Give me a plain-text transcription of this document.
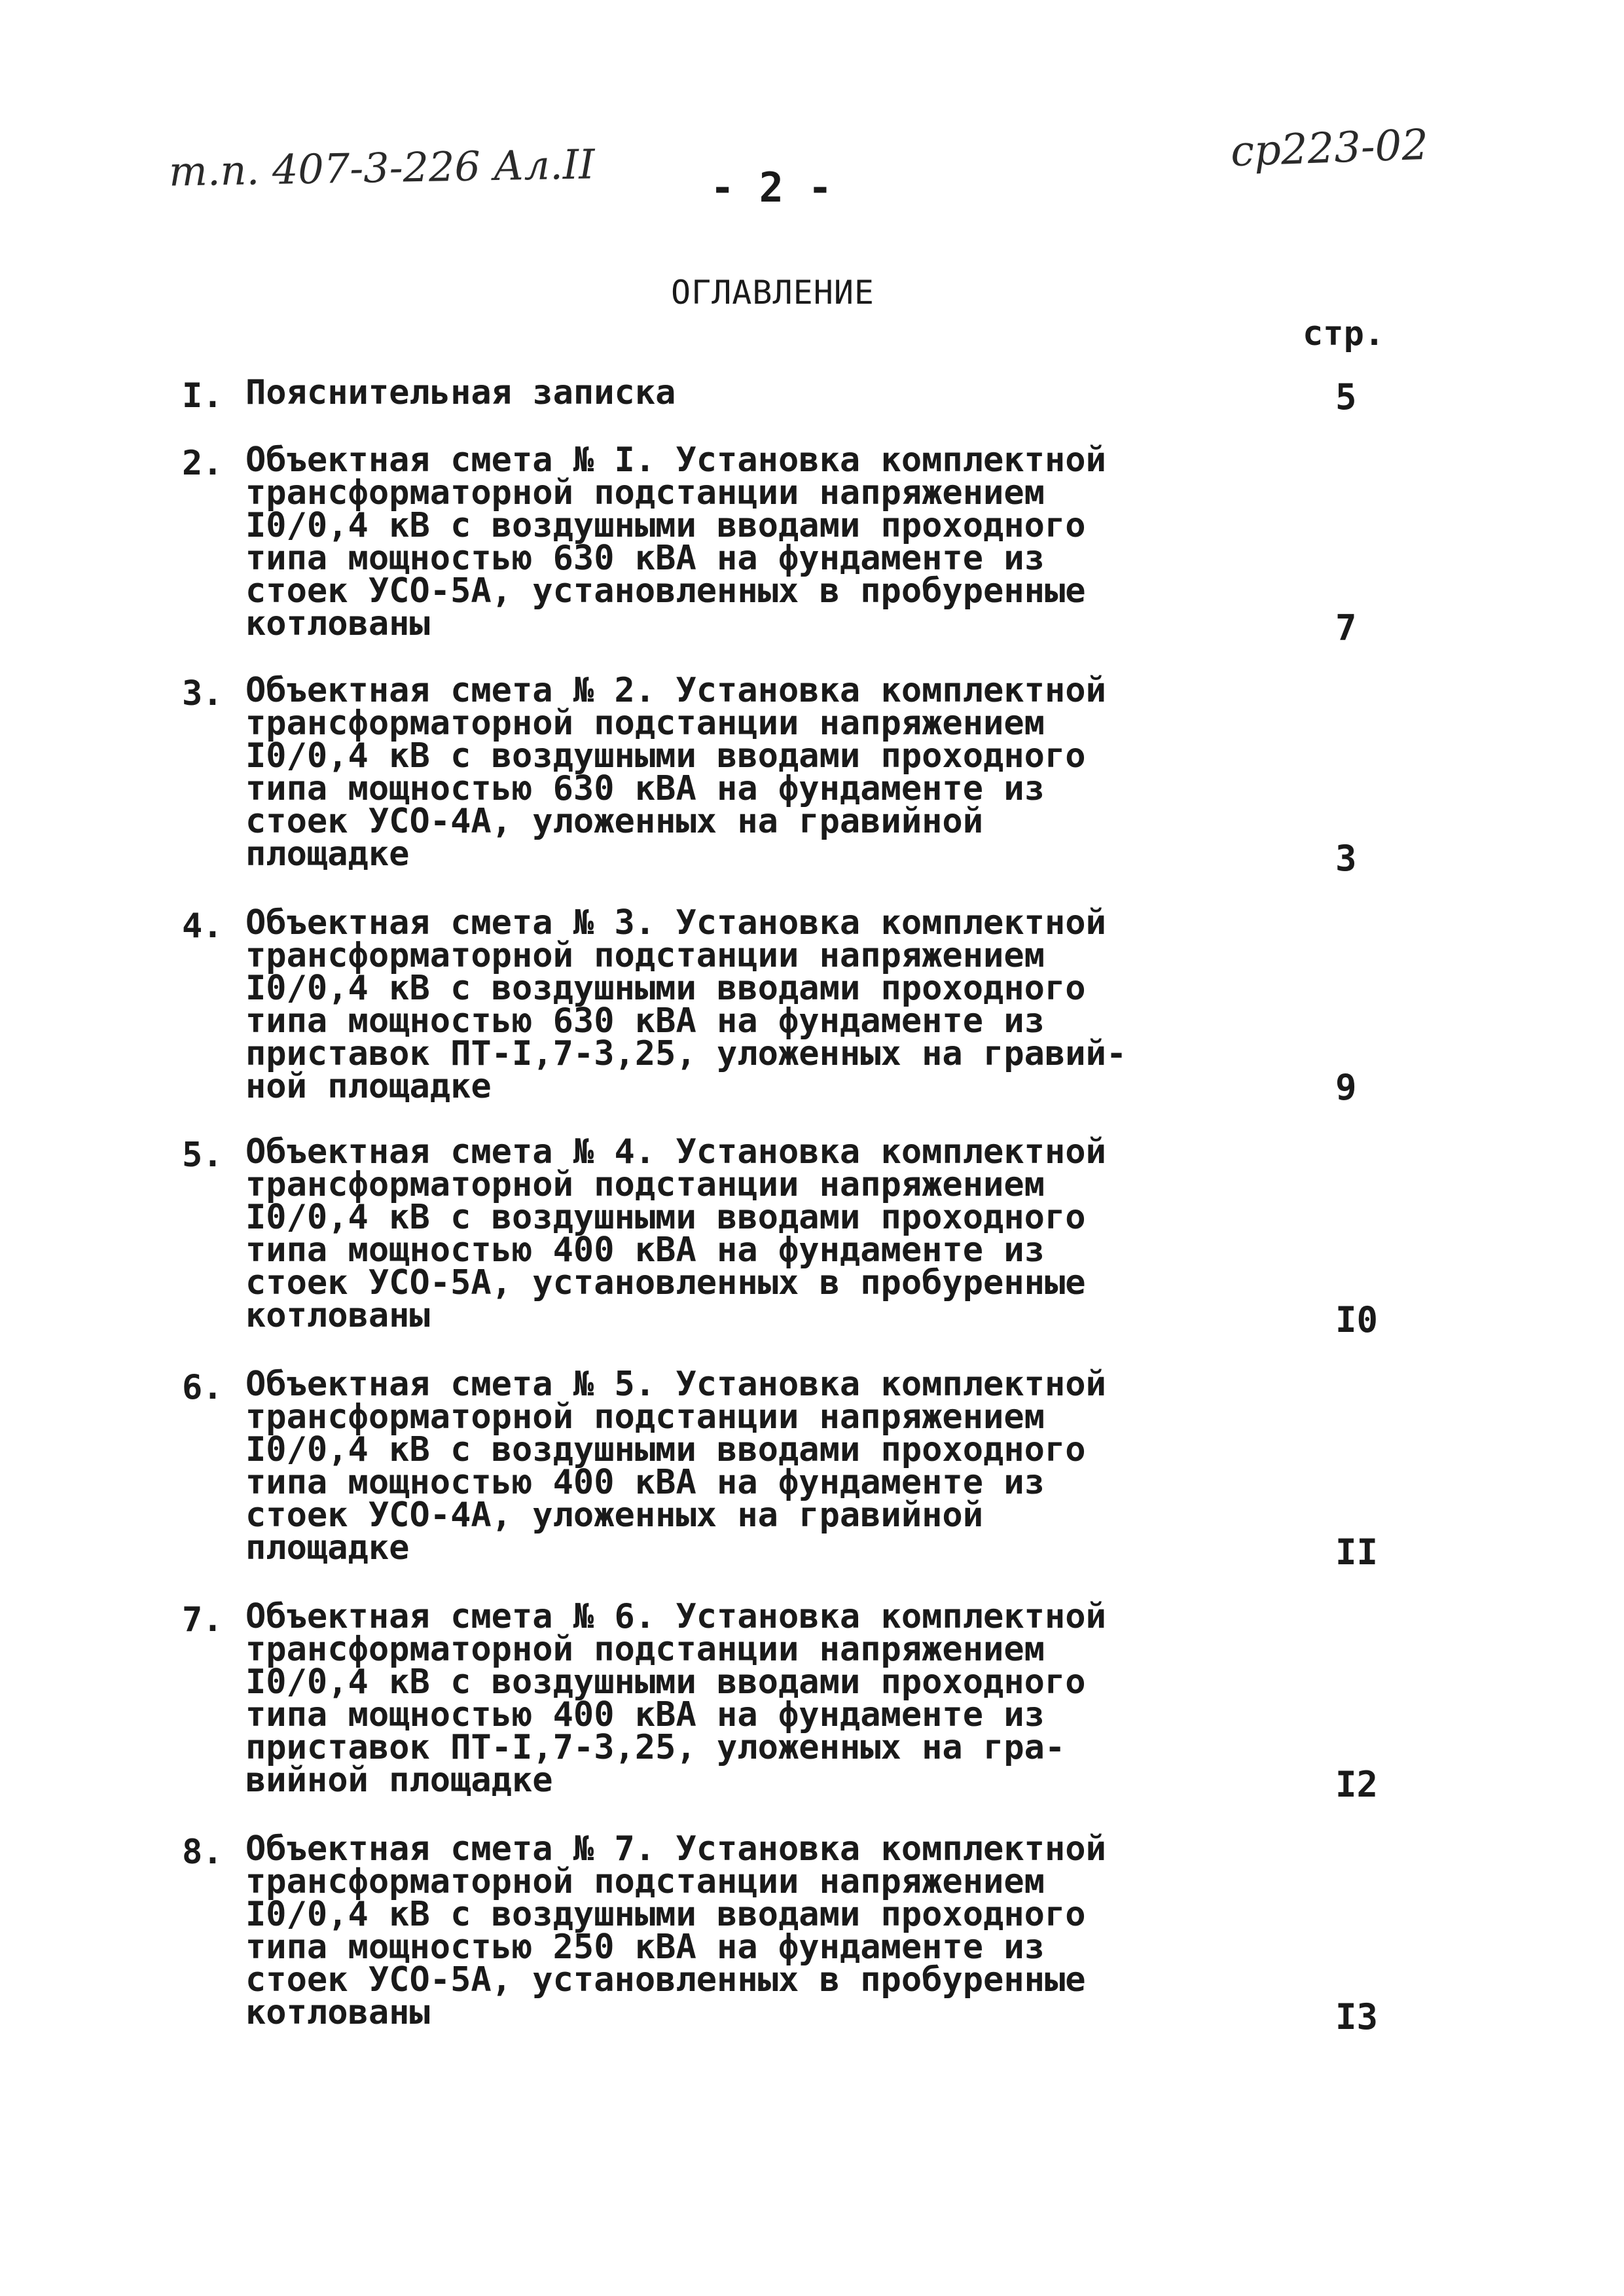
т.п. 407-3-226 Ал.II	- 2 -
ср223-02
ОГЛАВЛЕНИЕ
стр.
I. Пояснительная записка	5
2. Объектная смета № I. Установка комплектной
трансформаторной подстанции напряжением
I0/0,4 кВ с воздушными вводами проходного
типа мощностью 630 кВА на фундаменте из
стоек УСО-5А, установленных в пробуренные
котлованы	7
3. Объектная смета № 2. Установка комплектной
трансформаторной подстанции напряжением
I0/0,4 кВ с воздушными вводами проходного
типа мощностью 630 кВА на фундаменте из
стоек УСО-4А, уложенных на гравийной
площадке	3
4. Объектная смета № 3. Установка комплектной
трансформаторной подстанции напряжением
I0/0,4 кВ с воздушными вводами проходного
типа мощностью 630 кВА на фундаменте из
приставок ПТ-I,7-3,25, уложенных на гравий-
ной площадке	9
5. Объектная смета № 4. Установка комплектной
трансформаторной подстанции напряжением
I0/0,4 кВ с воздушными вводами проходного
типа мощностью 400 кВА на фундаменте из
стоек УСО-5А, установленных в пробуренные
котлованы	I0
6. Объектная смета № 5. Установка комплектной
трансформаторной подстанции напряжением
I0/0,4 кВ с воздушными вводами проходного
типа мощностью 400 кВА на фундаменте из
стоек УСО-4А, уложенных на гравийной
площадке	II
7. Объектная смета № 6. Установка комплектной
трансформаторной подстанции напряжением
I0/0,4 кВ с воздушными вводами проходного
типа мощностью 400 кВА на фундаменте из
приставок ПТ-I,7-3,25, уложенных на гра-
вийной площадке	I2
8. Объектная смета № 7. Установка комплектной
трансформаторной подстанции напряжением
I0/0,4 кВ с воздушными вводами проходного
типа мощностью 250 кВА на фундаменте из
стоек УСО-5А, установленных в пробуренные
котлованы	I3
